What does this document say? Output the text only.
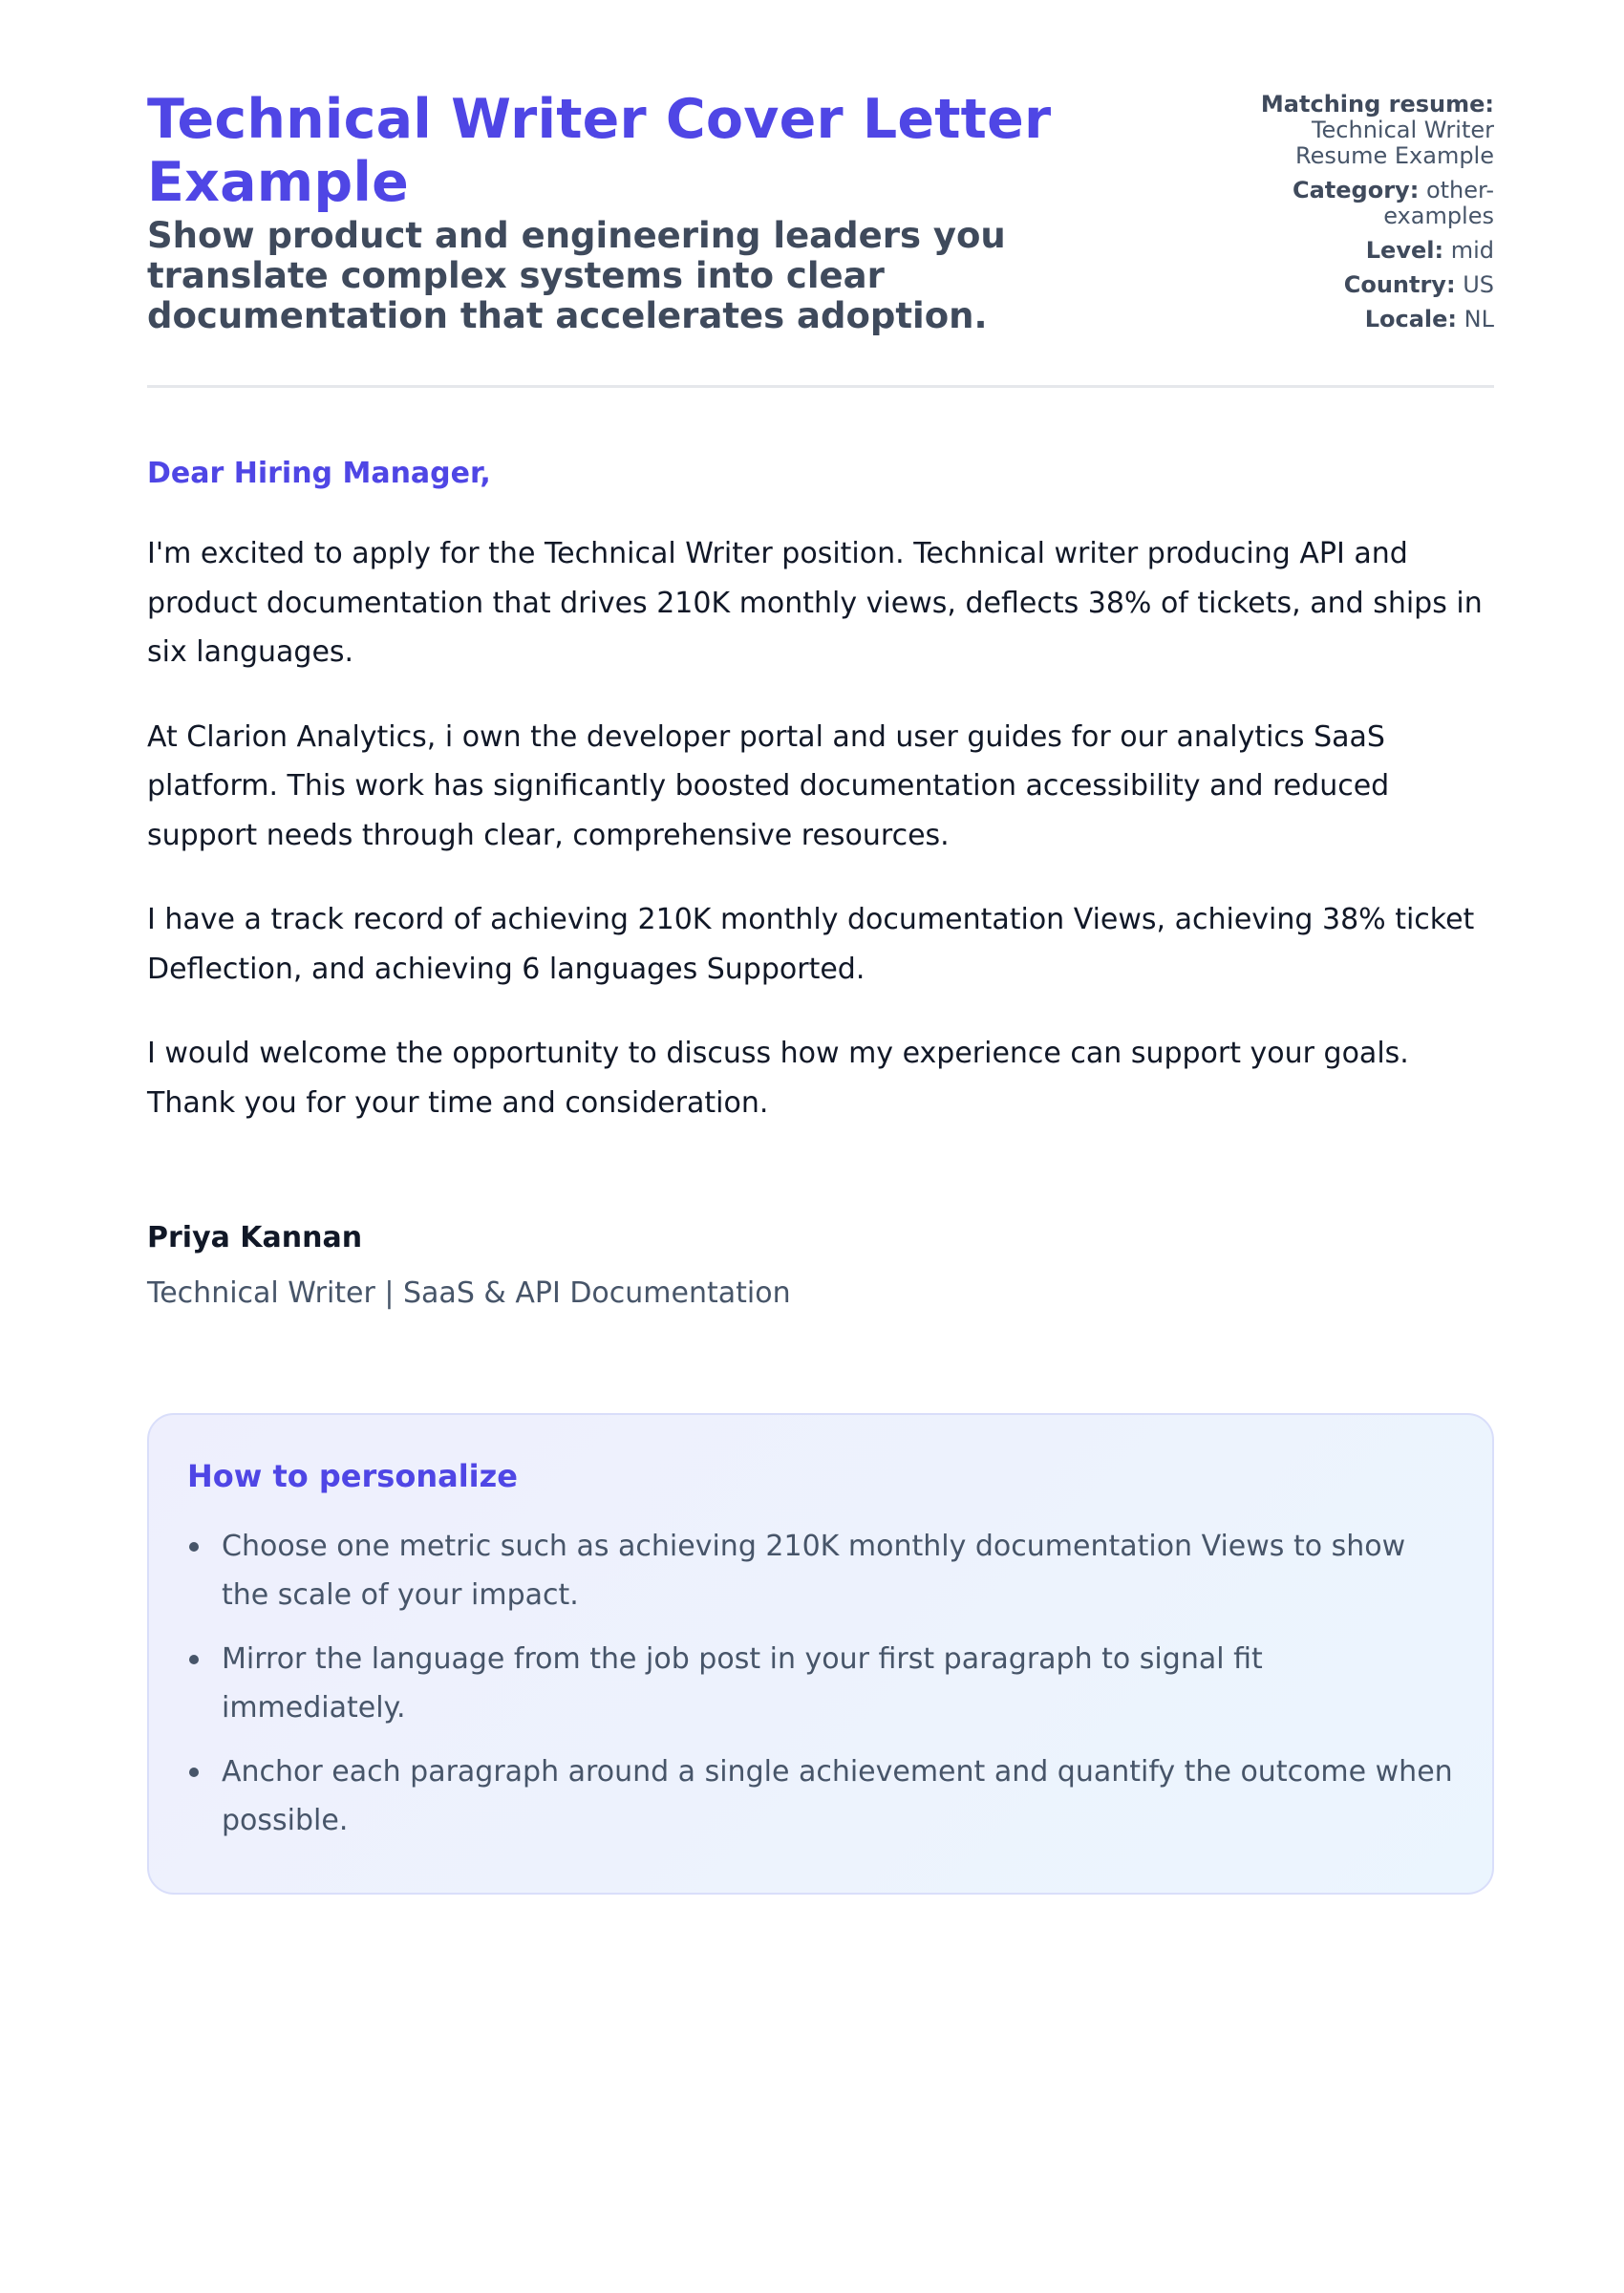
Technical Writer Cover Letter Example
Show product and engineering leaders you translate complex systems into clear documentation that accelerates adoption.
Matching resume: Technical Writer Resume Example
Category: other-examples
Level: mid
Country: US
Locale: NL

Dear Hiring Manager,

I'm excited to apply for the Technical Writer position. Technical writer producing API and product documentation that drives 210K monthly views, deflects 38% of tickets, and ships in six languages.

At Clarion Analytics, i own the developer portal and user guides for our analytics SaaS platform. This work has significantly boosted documentation accessibility and reduced support needs through clear, comprehensive resources.

I have a track record of achieving 210K monthly documentation Views, achieving 38% ticket Deflection, and achieving 6 languages Supported.

I would welcome the opportunity to discuss how my experience can support your goals. Thank you for your time and consideration.

Priya Kannan
Technical Writer | SaaS & API Documentation
How to personalize
Choose one metric such as achieving 210K monthly documentation Views to show the scale of your impact.
Mirror the language from the job post in your first paragraph to signal fit immediately.
Anchor each paragraph around a single achievement and quantify the outcome when possible.
